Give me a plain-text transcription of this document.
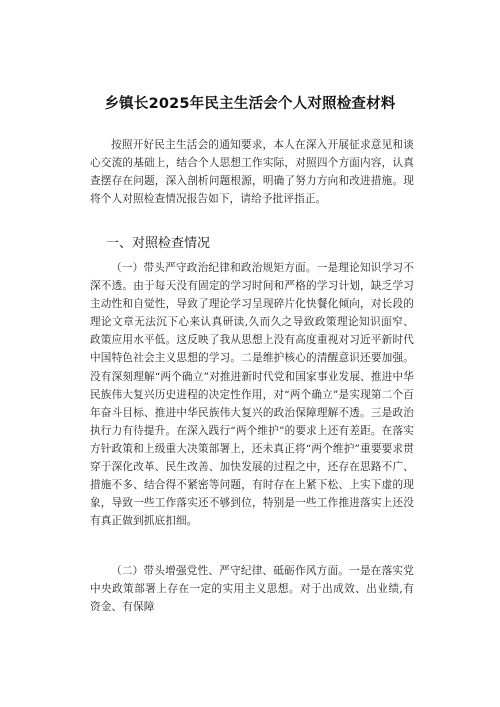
乡镇长2025年民主生活会个人对照检查材料
按照开好民主生活会的通知要求，本人在深入开展征求意见和谈心交流的基础上，结合个人思想工作实际，对照四个方面内容，认真查摆存在问题，深入剖析问题根源，明确了努力方向和改进措施。现将个人对照检查情况报告如下，请给予批评指正。
一、对照检查情况
（一）带头严守政治纪律和政治规矩方面。一是理论知识学习不深不透。由于每天没有固定的学习时间和严格的学习计划，缺乏学习主动性和自觉性，导致了理论学习呈现碎片化快餐化倾向，对长段的理论文章无法沉下心来认真研读,久而久之导致政策理论知识面窄、政策应用水平低。这反映了我从思想上没有高度重视对习近平新时代中国特色社会主义思想的学习。二是维护核心的清醒意识还要加强。没有深刻理解“两个确立”对推进新时代党和国家事业发展、推进中华民族伟大复兴历史进程的决定性作用，对“两个确立”是实现第二个百年奋斗目标、推进中华民族伟大复兴的政治保障理解不透。三是政治执行力有待提升。在深入践行“两个维护”的要求上还有差距。在落实方针政策和上级重大决策部署上，还未真正将“两个维护”重要要求贯穿于深化改革、民生改善、加快发展的过程之中，还存在思路不广、措施不多、结合得不紧密等问题，有时存在上紧下松、上实下虚的现象，导致一些工作落实还不够到位，特别是一些工作推进落实上还没有真正做到抓底扣细。
（二）带头增强党性、严守纪律、砥砺作风方面。一是在落实党中央政策部署上存在一定的实用主义思想。对于出成效、出业绩,有资金、有保障
